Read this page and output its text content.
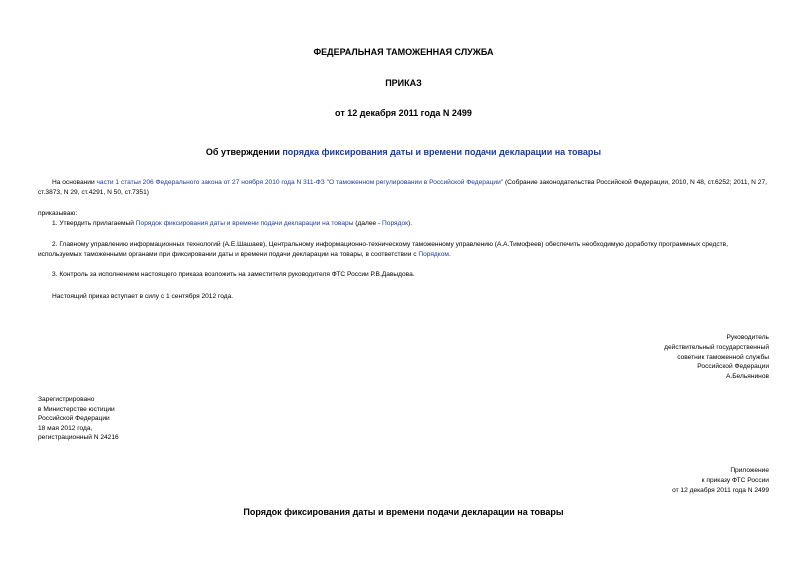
ФЕДЕРАЛЬНАЯ ТАМОЖЕННАЯ СЛУЖБА
ПРИКАЗ
от 12 декабря 2011 года N 2499
Об утверждении порядка фиксирования даты и времени подачи декларации на товары
На основании части 1 статьи 206 Федерального закона от 27 ноября 2010 года N 311-ФЗ "О таможенном регулировании в Российской Федерации" (Собрание законодательства Российской Федерации, 2010, N 48, ст.6252; 2011, N 27, ст.3873, N 29, ст.4291, N 50, ст.7351)
приказываю:
1. Утвердить прилагаемый Порядок фиксирования даты и времени подачи декларации на товары (далее - Порядок).
2. Главному управлению информационных технологий (А.Е.Шашаев), Центральному информационно-техническому таможенному управлению (А.А.Тимофеев) обеспечить необходимую доработку программных средств, используемых таможенными органами при фиксировании даты и времени подачи декларации на товары, в соответствии с Порядком.
3. Контроль за исполнением настоящего приказа возложить на заместителя руководителя ФТС России Р.В.Давыдова.
Настоящий приказ вступает в силу с 1 сентября 2012 года.
Руководитель
действительный государственный
советник таможенной службы
Российской Федерации
А.Бельянинов
Зарегистрировано
в Министерстве юстиции
Российской Федерации
18 мая 2012 года,
регистрационный N 24216
Приложение
к приказу ФТС России
от 12 декабря 2011 года N 2499
Порядок фиксирования даты и времени подачи декларации на товары
